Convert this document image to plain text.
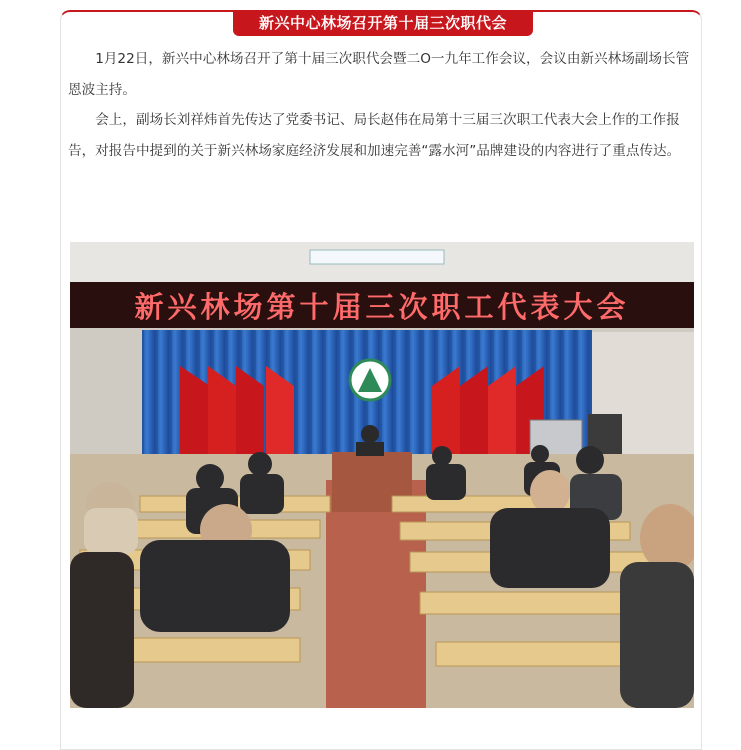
新兴中心林场召开第十届三次职代会

1月22日，新兴中心林场召开了第十届三次职代会暨二O一九年工作会议，会议由新兴林场副场长管恩波主持。

会上，副场长刘祥炜首先传达了党委书记、局长赵伟在局第十三届三次职工代表大会上作的工作报告，对报告中提到的关于新兴林场家庭经济发展和加速完善“露水河”品牌建设的内容进行了重点传达。

新兴林场第十届三次职工代表大会
